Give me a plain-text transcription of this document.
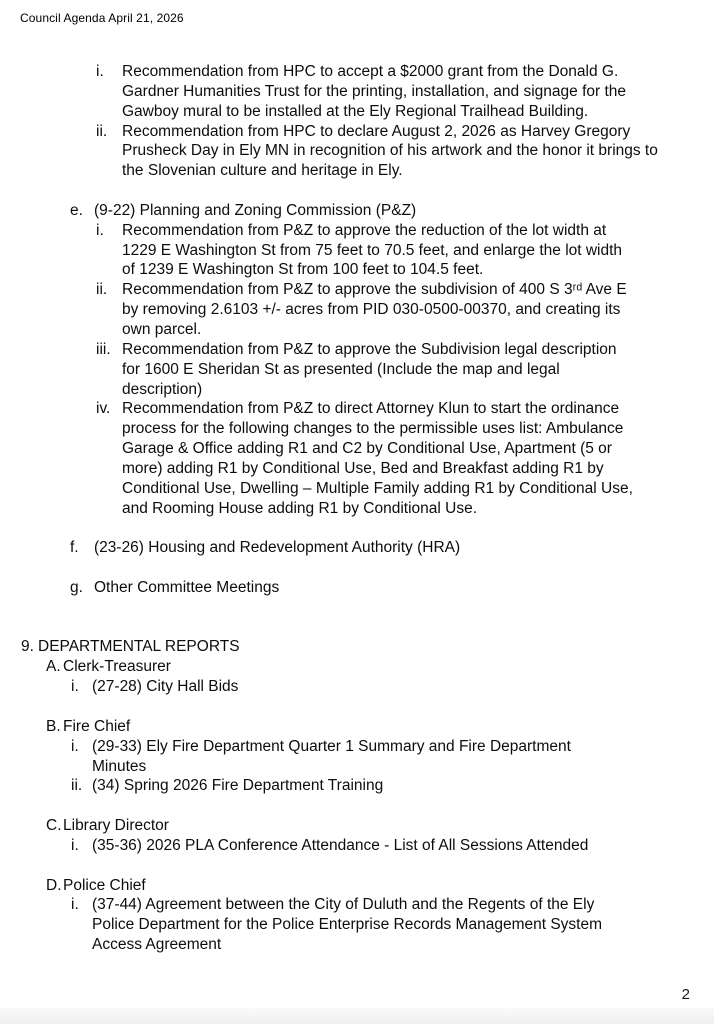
Council Agenda April 21, 2026
i.	Recommendation from HPC to accept a $2000 grant from the Donald G.
Gardner Humanities Trust for the printing, installation, and signage for the
Gawboy mural to be installed at the Ely Regional Trailhead Building.
ii. Recommendation from HPC to declare August 2, 2026 as Harvey Gregory
Prusheck Day in Ely MN in recognition of his artwork and the honor it brings to
the Slovenian culture and heritage in Ely.
e. (9-22) Planning and Zoning Commission (P&Z)
i.	Recommendation from P&Z to approve the reduction of the lot width at
1229 E Washington St from 75 feet to 70.5 feet, and enlarge the lot width
of 1239 E Washington St from 100 feet to 104.5 feet.
ii. Recommendation from P&Z to approve the subdivision of 400 S 3ʳᵈ Ave E
by removing 2.6103 +/- acres from PID 030-0500-00370, and creating its
own parcel.
iii. Recommendation from P&Z to approve the Subdivision legal description
for 1600 E Sheridan St as presented (Include the map and legal
description)
iv. Recommendation from P&Z to direct Attorney Klun to start the ordinance
process for the following changes to the permissible uses list: Ambulance
Garage & Office adding R1 and C2 by Conditional Use, Apartment (5 or
more) adding R1 by Conditional Use, Bed and Breakfast adding R1 by
Conditional Use, Dwelling – Multiple Family adding R1 by Conditional Use,
and Rooming House adding R1 by Conditional Use.
f. (23-26) Housing and Redevelopment Authority (HRA)
g. Other Committee Meetings
9. DEPARTMENTAL REPORTS
A. Clerk-Treasurer
i. (27-28) City Hall Bids
B. Fire Chief
i. (29-33) Ely Fire Department Quarter 1 Summary and Fire Department
Minutes
ii. (34) Spring 2026 Fire Department Training
C. Library Director
i. (35-36) 2026 PLA Conference Attendance - List of All Sessions Attended
D. Police Chief
i. (37-44) Agreement between the City of Duluth and the Regents of the Ely
Police Department for the Police Enterprise Records Management System
Access Agreement
2
